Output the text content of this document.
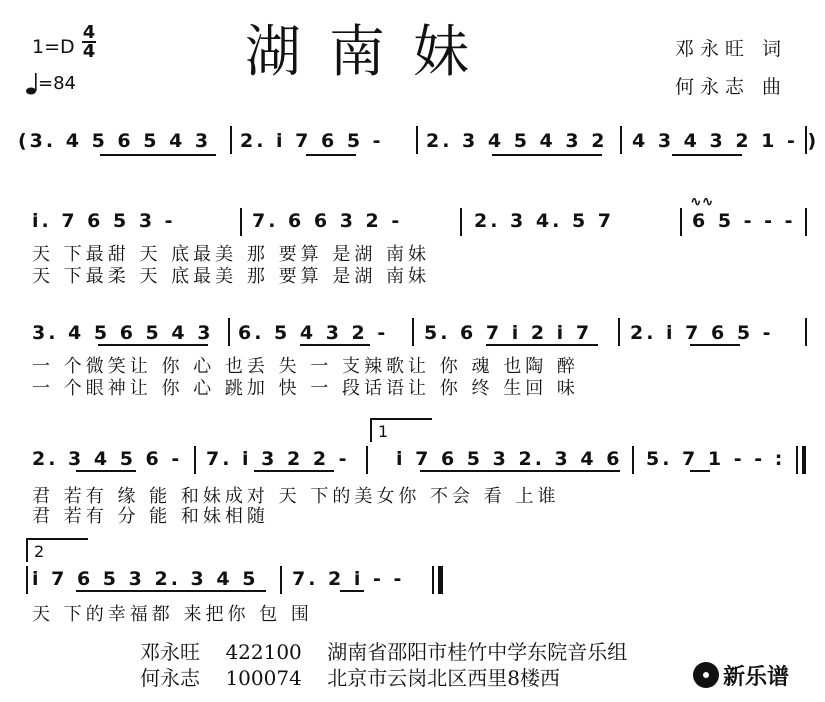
$1=D \frac{4}{4}$
=84	湖南妹	邓永旺 词
何永志 曲
(3. 4 5 6 5 4 3 2. i 7 6 5 - 2. 3 4 5 4 3 2 4 3 4 3 2 1 - )
i. 7 6 5 3 -	7. 6 6 3 2 -	2. 3 4. 5 7	6 5 - - -
∿∿
天 下最甜 天 底最美 那 要算 是湖 南妹
天 下最柔 天 底最美 那 要算 是湖 南妹
3. 4 5 6 5 4 3 6. 5 4 3 2 - 5. 6 7 i 2 i 7 2. i 7 6 5 -
一 个微笑让 你 心 也丢 失 一 支辣歌让 你 魂 也陶 醉
一 个眼神让 你 心 跳加 快 一 段话语让 你 终 生回 味
1
2. 3 4 5 6 - 7. i 3 2 2 - i 7 6 5 3 2. 3 4 6 5. 7 1 - - :
君 若有 缘 能 和妹成对 天 下的美女你 不会 看 上谁
君 若有 分 能 和妹相随
2
i 7 6 5 3 2. 3 4 5 7. 2 i - -
天 下的幸福都 来把你 包 围
邓永旺 422100 湖南省邵阳市桂竹中学东院音乐组
何永志 100074 北京市云岗北区西里8楼西	新乐谱
